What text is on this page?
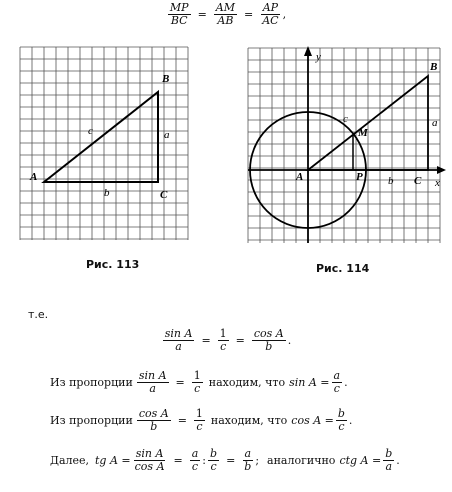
$\frac{MP}{BC} = \frac{AM}{AB} = \frac{AP}{AC}$ ,
A
B
C
c	a
b
y
x
A
B
C
M
P
c	a
b
Рис. 113	Рис. 114
т.е.
$\frac{\text{sin A}}{a} = \frac{1}{c} = \frac{\text{cos A}}{b}$ .
Из пропорции $\frac{\text{sin A}}{a} = \frac{1}{c}$ находим, что $\sin A = \frac{a}{c}$ .
Из пропорции $\frac{\text{cos A}}{b} = \frac{1}{c}$ находим, что $\cos A = \frac{b}{c}$ .
Далее, tg $A = \frac{\text{sin A}}{\text{cos A}} = \frac{a}{c}$ : $\frac{b}{c} = \frac{a}{b}$ ; аналогично ctg $A = \frac{b}{a}$ .
